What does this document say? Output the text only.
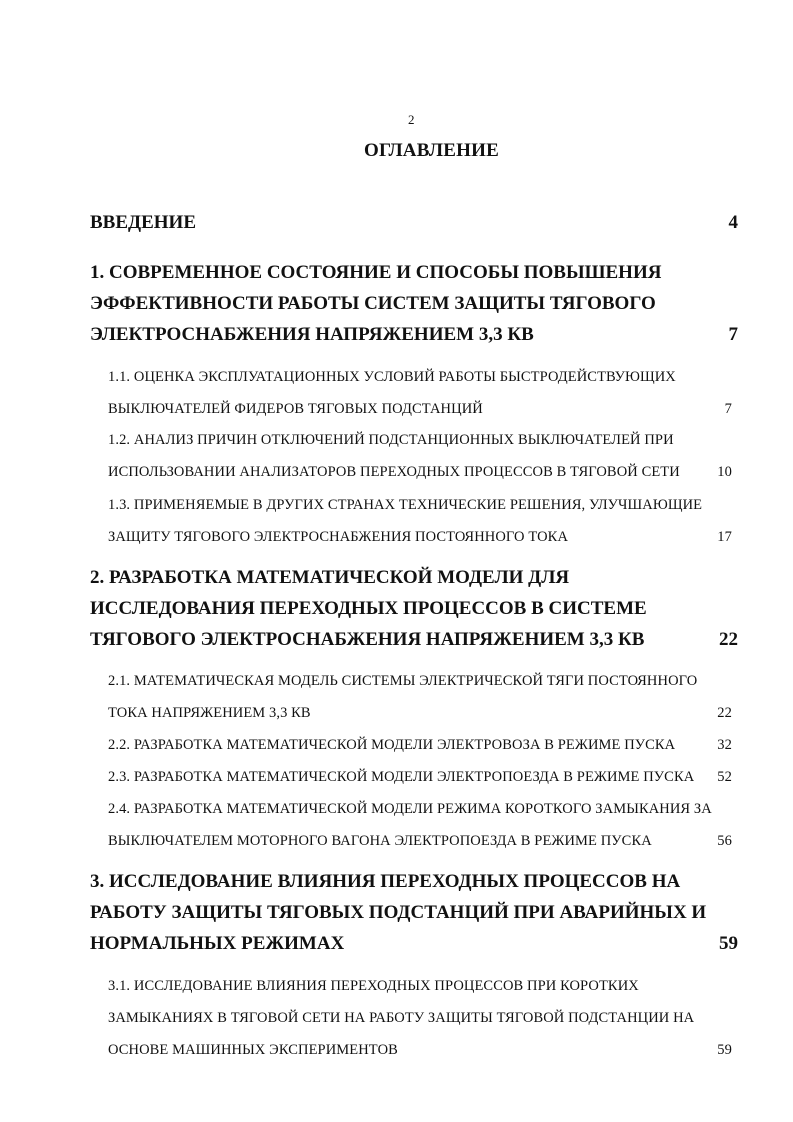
2
ОГЛАВЛЕНИЕ
ВВЕДЕНИЕ	4
1. СОВРЕМЕННОЕ СОСТОЯНИЕ И СПОСОБЫ ПОВЫШЕНИЯ
ЭФФЕКТИВНОСТИ РАБОТЫ СИСТЕМ ЗАЩИТЫ ТЯГОВОГО
ЭЛЕКТРОСНАБЖЕНИЯ НАПРЯЖЕНИЕМ 3,3 КВ	7
1.1. ОЦЕНКА ЭКСПЛУАТАЦИОННЫХ УСЛОВИЙ РАБОТЫ БЫСТРОДЕЙСТВУЮЩИХ
ВЫКЛЮЧАТЕЛЕЙ ФИДЕРОВ ТЯГОВЫХ ПОДСТАНЦИЙ	7
1.2. АНАЛИЗ ПРИЧИН ОТКЛЮЧЕНИЙ ПОДСТАНЦИОННЫХ ВЫКЛЮЧАТЕЛЕЙ ПРИ
ИСПОЛЬЗОВАНИИ АНАЛИЗАТОРОВ ПЕРЕХОДНЫХ ПРОЦЕССОВ В ТЯГОВОЙ СЕТИ	10
1.3. ПРИМЕНЯЕМЫЕ В ДРУГИХ СТРАНАХ ТЕХНИЧЕСКИЕ РЕШЕНИЯ, УЛУЧШАЮЩИЕ
ЗАЩИТУ ТЯГОВОГО ЭЛЕКТРОСНАБЖЕНИЯ ПОСТОЯННОГО ТОКА	17
2. РАЗРАБОТКА МАТЕМАТИЧЕСКОЙ МОДЕЛИ ДЛЯ
ИССЛЕДОВАНИЯ ПЕРЕХОДНЫХ ПРОЦЕССОВ В СИСТЕМЕ
ТЯГОВОГО ЭЛЕКТРОСНАБЖЕНИЯ НАПРЯЖЕНИЕМ 3,3 КВ	22
2.1. МАТЕМАТИЧЕСКАЯ МОДЕЛЬ СИСТЕМЫ ЭЛЕКТРИЧЕСКОЙ ТЯГИ ПОСТОЯННОГО
ТОКА НАПРЯЖЕНИЕМ 3,3 КВ	22
2.2. РАЗРАБОТКА МАТЕМАТИЧЕСКОЙ МОДЕЛИ ЭЛЕКТРОВОЗА В РЕЖИМЕ ПУСКА	32
2.3. РАЗРАБОТКА МАТЕМАТИЧЕСКОЙ МОДЕЛИ ЭЛЕКТРОПОЕЗДА В РЕЖИМЕ ПУСКА	52
2.4. РАЗРАБОТКА МАТЕМАТИЧЕСКОЙ МОДЕЛИ РЕЖИМА КОРОТКОГО ЗАМЫКАНИЯ ЗА
ВЫКЛЮЧАТЕЛЕМ МОТОРНОГО ВАГОНА ЭЛЕКТРОПОЕЗДА В РЕЖИМЕ ПУСКА	56
3. ИССЛЕДОВАНИЕ ВЛИЯНИЯ ПЕРЕХОДНЫХ ПРОЦЕССОВ НА
РАБОТУ ЗАЩИТЫ ТЯГОВЫХ ПОДСТАНЦИЙ ПРИ АВАРИЙНЫХ И
НОРМАЛЬНЫХ РЕЖИМАХ	59
3.1. ИССЛЕДОВАНИЕ ВЛИЯНИЯ ПЕРЕХОДНЫХ ПРОЦЕССОВ ПРИ КОРОТКИХ
ЗАМЫКАНИЯХ В ТЯГОВОЙ СЕТИ НА РАБОТУ ЗАЩИТЫ ТЯГОВОЙ ПОДСТАНЦИИ НА
ОСНОВЕ МАШИННЫХ ЭКСПЕРИМЕНТОВ	59
